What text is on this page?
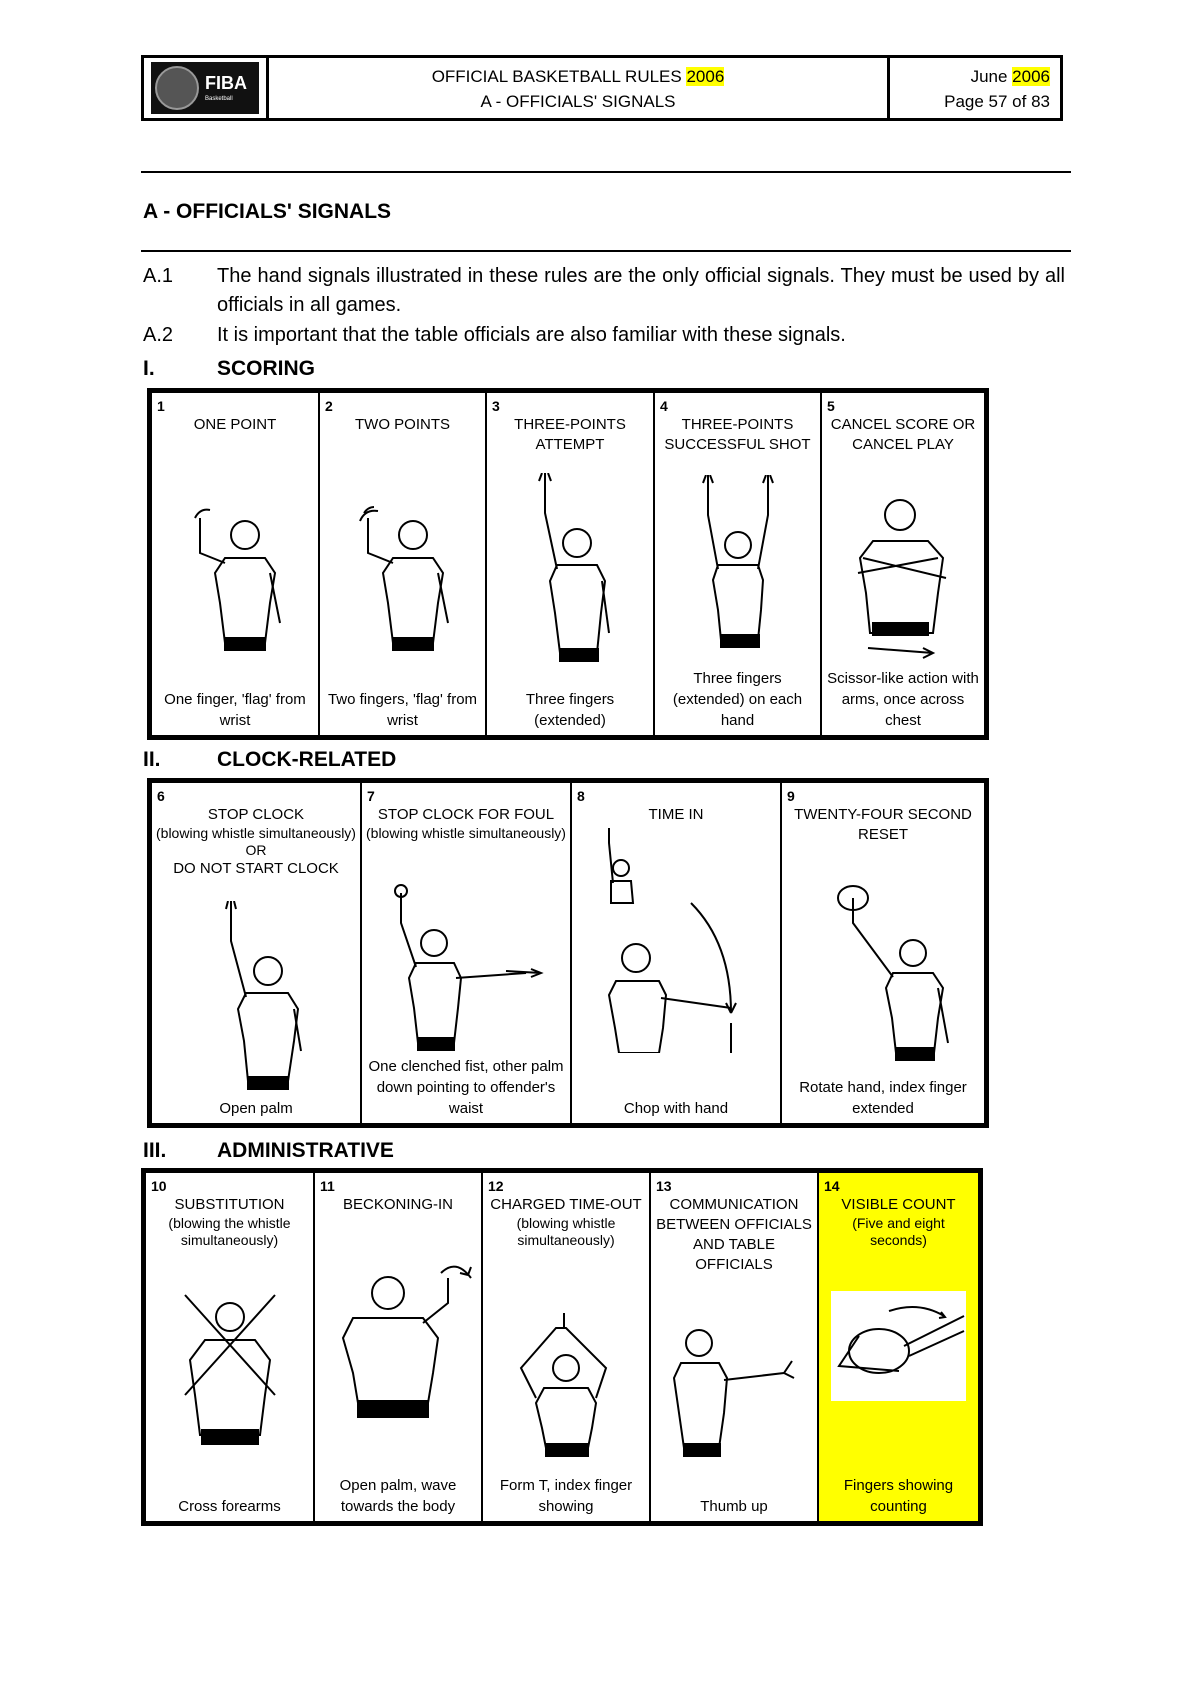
FIBA
Basketball
OFFICIAL BASKETBALL RULES 2006
A - OFFICIALS' SIGNALS
June 2006
Page 57 of 83
A - OFFICIALS' SIGNALS
A.1 The hand signals illustrated in these rules are the only official signals. They must be used by all officials in all games.
A.2 It is important that the table officials are also familiar with these signals.
I.	SCORING
1
ONE POINT
One finger, 'flag' from wrist
2
TWO POINTS
Two fingers, 'flag' from wrist
3
THREE-POINTS ATTEMPT
Three fingers (extended)
4
THREE-POINTS SUCCESSFUL SHOT
Three fingers (extended) on each hand
5
CANCEL SCORE OR CANCEL PLAY
Scissor-like action with arms, once across chest
II.	CLOCK-RELATED
6
STOP CLOCK
(blowing whistle simultaneously)
OR
DO NOT START CLOCK
Open palm
7
STOP CLOCK FOR FOUL
(blowing whistle simultaneously)
One clenched fist, other palm down pointing to offender's waist
8
TIME IN
Chop with hand
9
TWENTY-FOUR SECOND RESET
Rotate hand, index finger extended
III. ADMINISTRATIVE
10
SUBSTITUTION
(blowing the whistle simultaneously)
Cross forearms
11
BECKONING-IN
Open palm, wave towards the body
12
CHARGED TIME-OUT
(blowing whistle simultaneously)
Form T, index finger showing
13
COMMUNICATION BETWEEN OFFICIALS AND TABLE OFFICIALS
Thumb up
14
VISIBLE COUNT
(Five and eight seconds)
Fingers showing counting
